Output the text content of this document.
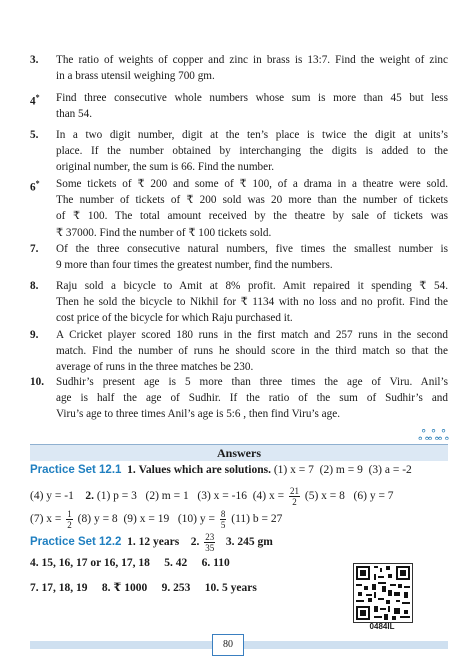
3.	The ratio of weights of copper and zinc in brass is 13:7. Find the weight of zinc
in a brass utensil weighing 700 gm.
4*	Find three consecutive whole numbers whose sum is more than 45 but less
than 54.
5.	In a two digit number, digit at the ten’s place is twice the digit at units’s
place. If the number obtained by interchanging the digits is added to the
original number, the sum is 66. Find the number.
6*	Some tickets of ₹ 200 and some of ₹ 100, of a drama in a theatre were sold.
The number of tickets of ₹ 200 sold was 20 more than the number of tickets
of ₹ 100. The total amount received by the theatre by sale of tickets was
₹ 37000. Find the number of ₹ 100 tickets sold.
7.	Of the three consecutive natural numbers, five times the smallest number is
9 more than four times the greatest number, find the numbers.
8.	Raju sold a bicycle to Amit at 8% profit. Amit repaired it spending ₹ 54.
Then he sold the bicycle to Nikhil for ₹ 1134 with no loss and no profit. Find the
cost price of the bicycle for which Raju purchased it.
9.	A Cricket player scored 180 runs in the first match and 257 runs in the second
match. Find the number of runs he should score in the third match so that the
average of runs in the three matches be 230.
10.	Sudhir’s present age is 5 more than three times the age of Viru. Anil’s
age is half the age of Sudhir. If the ratio of the sum of Sudhir’s and
Viru’s age to three times Anil’s age is 5:6 , then find Viru’s age.
ஃஃஃ
Answers
Practice Set 12.1 1. Values which are solutions. (1) x = 7 (2) m = 9 (3) a = -2
(4) y = -1 2. (1) p = 3 (2) m = 1 (3) x = -16 (4) $x = \frac{21}{2} (5) x = 8$ (6) y = 7
(7) $x = \frac{1}{2} (8) y = 8$ (9) x = 19 (10) $y = \frac{8}{5} (11) b = 27$
Practice Set 12.2 1. 12 years 2. $\frac{23}{35} 3$. 245 gm
4. 15, 16, 17 or 16, 17, 18 5. 42 6. 110
7. 17, 18, 19 8. ₹ 1000 9. 253 10. 5 years
0484IL
80
